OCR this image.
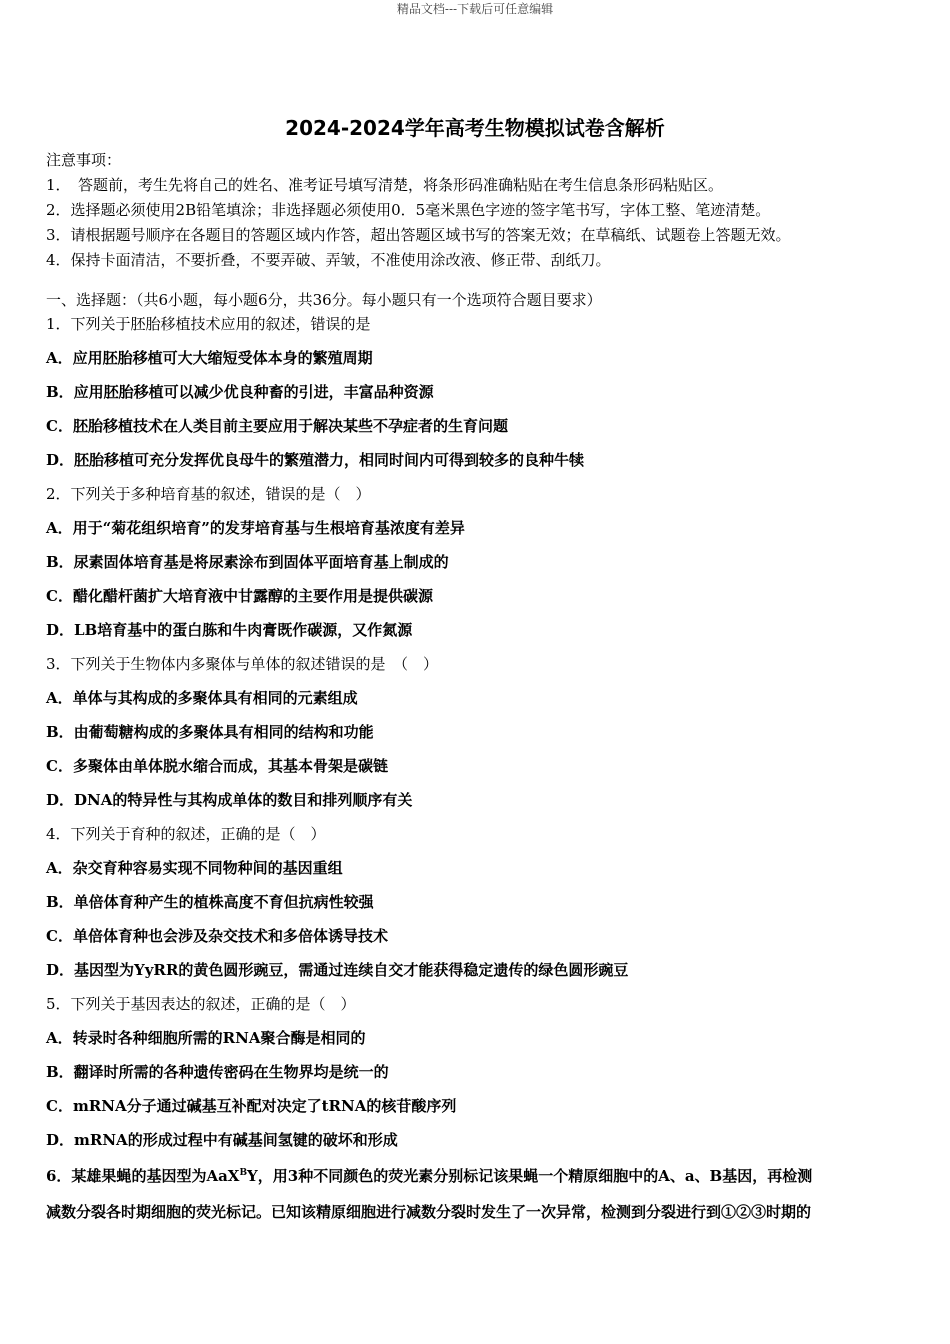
精品文档---下载后可任意编辑
2024-2024学年高考生物模拟试卷含解析
注意事项：
1．　答题前，考生先将自己的姓名、准考证号填写清楚，将条形码准确粘贴在考生信息条形码粘贴区。
2．选择题必须使用2B铅笔填涂；非选择题必须使用0．5毫米黑色字迹的签字笔书写，字体工整、笔迹清楚。
3．请根据题号顺序在各题目的答题区域内作答，超出答题区域书写的答案无效；在草稿纸、试题卷上答题无效。
4．保持卡面清洁，不要折叠，不要弄破、弄皱，不准使用涂改液、修正带、刮纸刀。
一、选择题：（共6小题，每小题6分，共36分。每小题只有一个选项符合题目要求）
1．下列关于胚胎移植技术应用的叙述，错误的是
A．应用胚胎移植可大大缩短受体本身的繁殖周期
B．应用胚胎移植可以减少优良种畜的引进，丰富品种资源
C．胚胎移植技术在人类目前主要应用于解决某些不孕症者的生育问题
D．胚胎移植可充分发挥优良母牛的繁殖潜力，相同时间内可得到较多的良种牛犊
2．下列关于多种培育基的叙述，错误的是（　）
A．用于“菊花组织培育”的发芽培育基与生根培育基浓度有差异
B．尿素固体培育基是将尿素涂布到固体平面培育基上制成的
C．醋化醋杆菌扩大培育液中甘露醇的主要作用是提供碳源
D．LB培育基中的蛋白胨和牛肉膏既作碳源，又作氮源
3．下列关于生物体内多聚体与单体的叙述错误的是　（　）
A．单体与其构成的多聚体具有相同的元素组成
B．由葡萄糖构成的多聚体具有相同的结构和功能
C．多聚体由单体脱水缩合而成，其基本骨架是碳链
D．DNA的特异性与其构成单体的数目和排列顺序有关
4．下列关于育种的叙述，正确的是（　）
A．杂交育种容易实现不同物种间的基因重组
B．单倍体育种产生的植株高度不育但抗病性较强
C．单倍体育种也会涉及杂交技术和多倍体诱导技术
D．基因型为YyRR的黄色圆形豌豆，需通过连续自交才能获得稳定遗传的绿色圆形豌豆
5．下列关于基因表达的叙述，正确的是（　）
A．转录时各种细胞所需的RNA聚合酶是相同的
B．翻译时所需的各种遗传密码在生物界均是统一的
C．mRNA分子通过碱基互补配对决定了tRNA的核苷酸序列
D．mRNA的形成过程中有碱基间氢键的破坏和形成
6．某雄果蝇的基因型为AaX$^B$Y，用3种不同颜色的荧光素分别标记该果蝇一个精原细胞中的A、a、B基因，再检测
减数分裂各时期细胞的荧光标记。已知该精原细胞进行减数分裂时发生了一次异常，检测到分裂进行到①②③时期的
